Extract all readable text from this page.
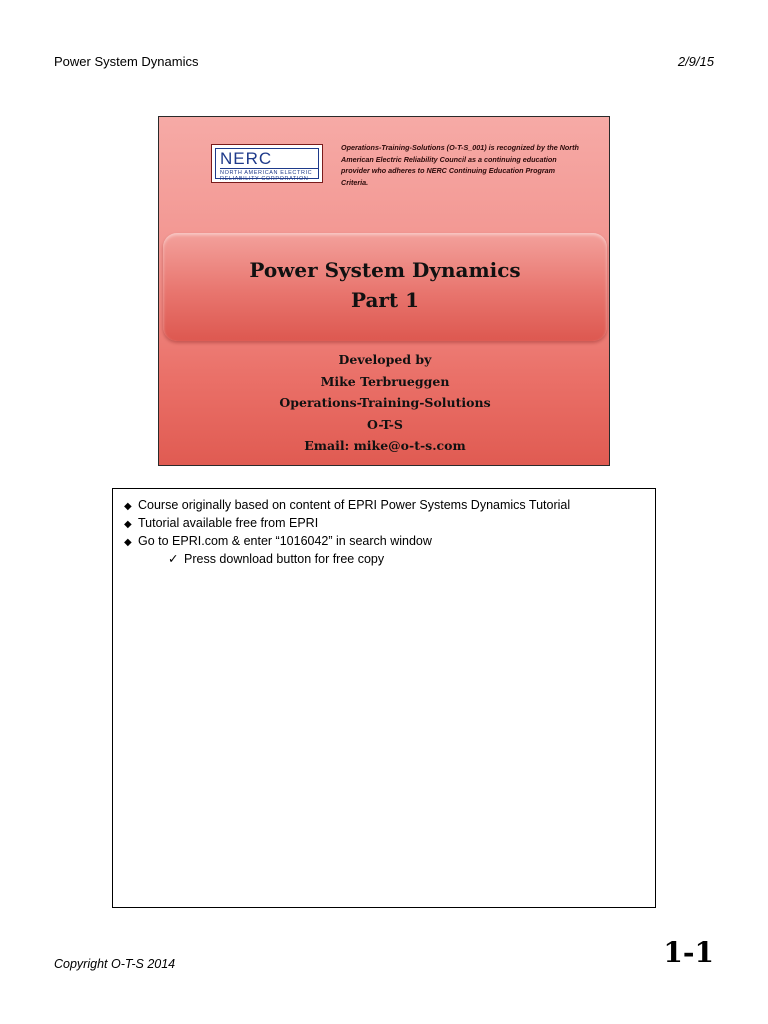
Power System Dynamics	2/9/15
NERC
NORTH AMERICAN ELECTRIC RELIABILITY CORPORATION
Operations-Training-Solutions (O-T-S_001) is recognized by the North American Electric Reliability Council as a continuing education provider who adheres to NERC Continuing Education Program Criteria.
Power System Dynamics
Part 1
Developed by
Mike Terbrueggen
Operations-Training-Solutions
O-T-S
Email: mike@o-t-s.com
◆ Course originally based on content of EPRI Power Systems Dynamics Tutorial
◆ Tutorial available free from EPRI
◆ Go to EPRI.com & enter “1016042” in search window
✓ Press download button for free copy
Copyright O-T-S 2014	1-1
